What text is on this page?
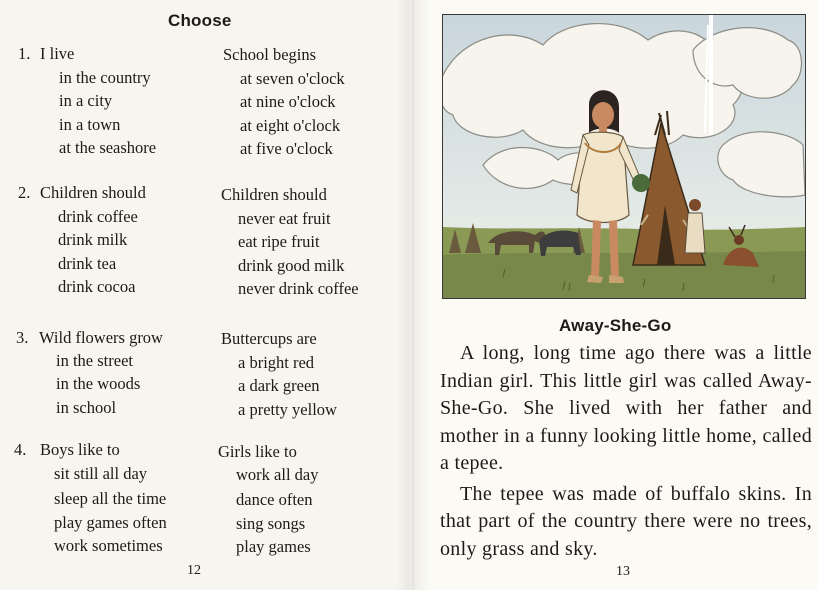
Choose
1. I live
in the country
in a city
in a town
at the seashore
School begins
at seven o'clock
at nine o'clock
at eight o'clock
at five o'clock
2. Children should
drink coffee
drink milk
drink tea
drink cocoa
Children should
never eat fruit
eat ripe fruit
drink good milk
never drink coffee
3. Wild flowers grow
in the street
in the woods
in school
Buttercups are
a bright red
a dark green
a pretty yellow
4. Boys like to
sit still all day
sleep all the time
play games often
work sometimes
Girls like to
work all day
dance often
sing songs
play games
12
Away-She-Go

A long, long time ago there was a little Indian girl. This little girl was called Away-She-Go. She lived with her father and mother in a funny looking little home, called a tepee.

The tepee was made of buffalo skins. In that part of the country there were no trees, only grass and sky.

13
